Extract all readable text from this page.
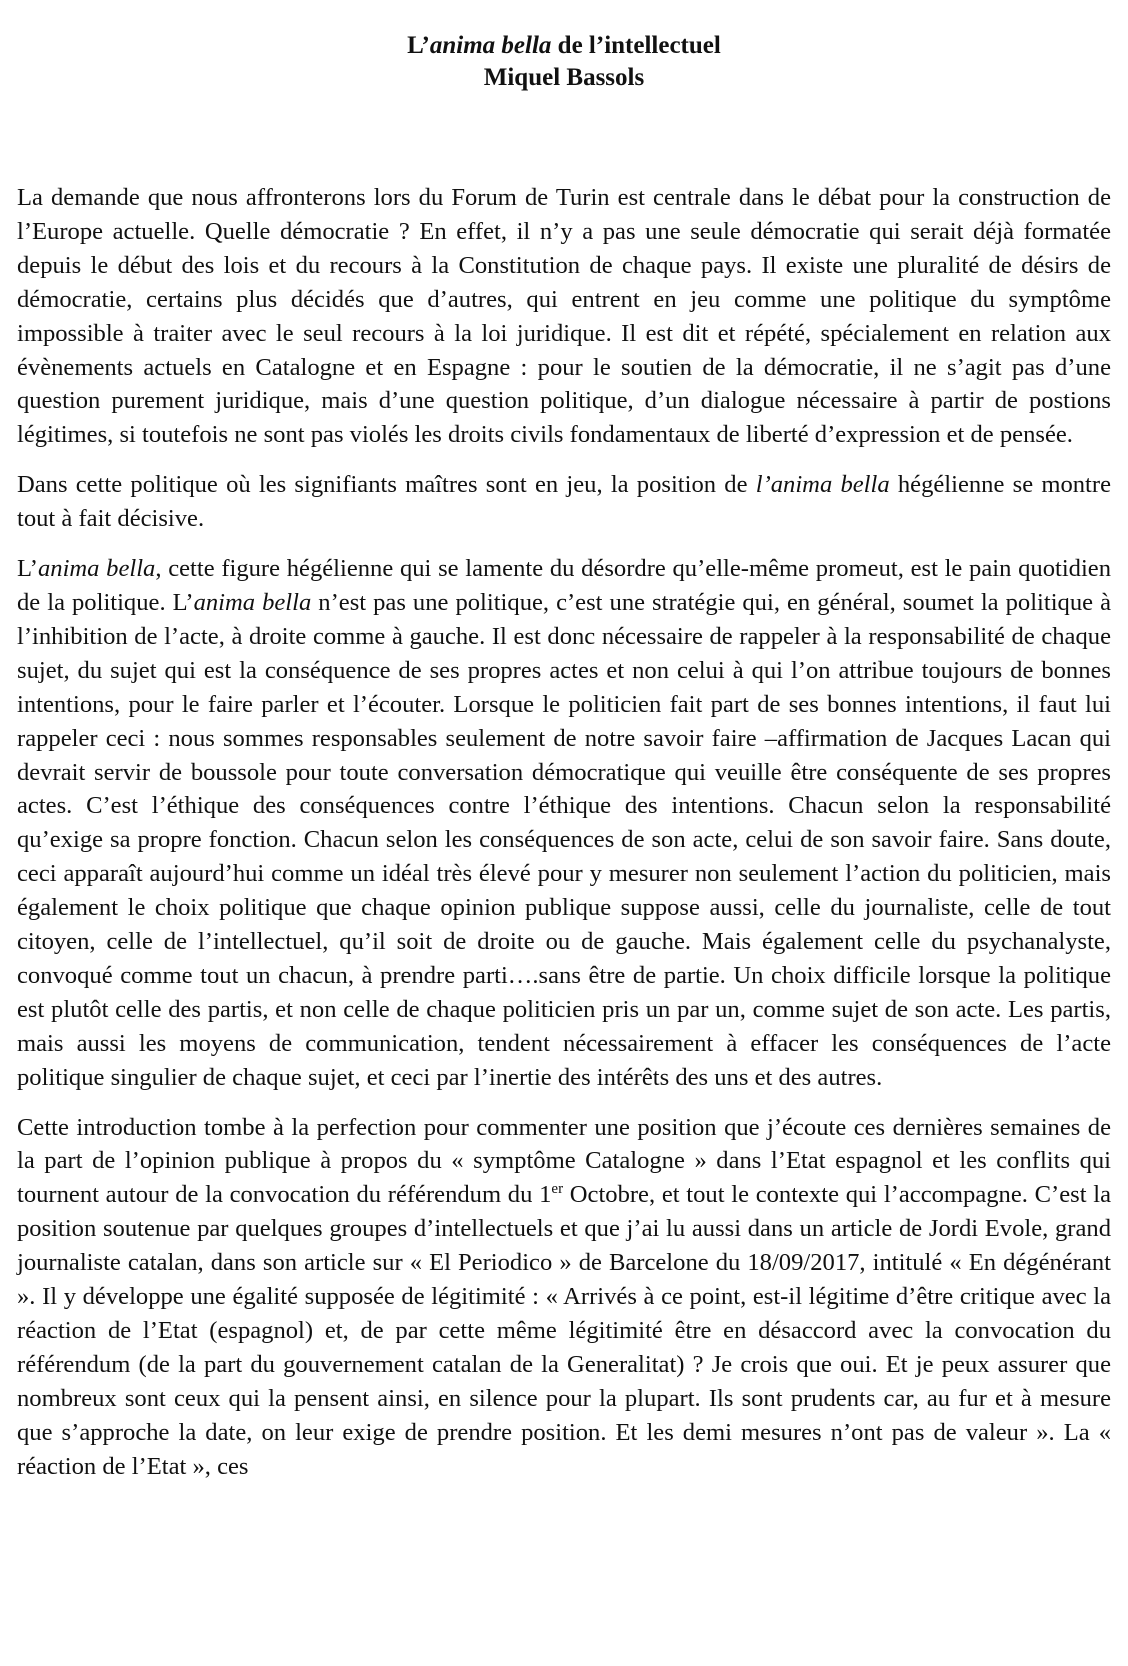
L’anima bella de l’intellectuel
Miquel Bassols

La demande que nous affronterons lors du Forum de Turin est centrale dans le débat pour la construction de l’Europe actuelle. Quelle démocratie ? En effet, il n’y a pas une seule démocratie qui serait déjà formatée depuis le début des lois et du recours à la Constitution de chaque pays. Il existe une pluralité de désirs de démocratie, certains plus décidés que d’autres, qui entrent en jeu comme une politique du symptôme impossible à traiter avec le seul recours à la loi juridique. Il est dit et répété, spécialement en relation aux évènements actuels en Catalogne et en Espagne : pour le soutien de la démocratie, il ne s’agit pas d’une question purement juridique, mais d’une question politique, d’un dialogue nécessaire à partir de postions légitimes, si toutefois ne sont pas violés les droits civils fondamentaux de liberté d’expression et de pensée.

Dans cette politique où les signifiants maîtres sont en jeu, la position de l’anima bella hégélienne se montre tout à fait décisive.

L’anima bella, cette figure hégélienne qui se lamente du désordre qu’elle-même promeut, est le pain quotidien de la politique. L’anima bella n’est pas une politique, c’est une stratégie qui, en général, soumet la politique à l’inhibition de l’acte, à droite comme à gauche. Il est donc nécessaire de rappeler à la responsabilité de chaque sujet, du sujet qui est la conséquence de ses propres actes et non celui à qui l’on attribue toujours de bonnes intentions, pour le faire parler et l’écouter. Lorsque le politicien fait part de ses bonnes intentions, il faut lui rappeler ceci : nous sommes responsables seulement de notre savoir faire –affirmation de Jacques Lacan qui devrait servir de boussole pour toute conversation démocratique qui veuille être conséquente de ses propres actes. C’est l’éthique des conséquences contre l’éthique des intentions. Chacun selon la responsabilité qu’exige sa propre fonction. Chacun selon les conséquences de son acte, celui de son savoir faire. Sans doute, ceci apparaît aujourd’hui comme un idéal très élevé pour y mesurer non seulement l’action du politicien, mais également le choix politique que chaque opinion publique suppose aussi, celle du journaliste, celle de tout citoyen, celle de l’intellectuel, qu’il soit de droite ou de gauche. Mais également celle du psychanalyste, convoqué comme tout un chacun, à prendre parti….sans être de partie. Un choix difficile lorsque la politique est plutôt celle des partis, et non celle de chaque politicien pris un par un, comme sujet de son acte. Les partis, mais aussi les moyens de communication, tendent nécessairement à effacer les conséquences de l’acte politique singulier de chaque sujet, et ceci par l’inertie des intérêts des uns et des autres.

Cette introduction tombe à la perfection pour commenter une position que j’écoute ces dernières semaines de la part de l’opinion publique à propos du « symptôme Catalogne » dans l’Etat espagnol et les conflits qui tournent autour de la convocation du référendum du 1er Octobre, et tout le contexte qui l’accompagne. C’est la position soutenue par quelques groupes d’intellectuels et que j’ai lu aussi dans un article de Jordi Evole, grand journaliste catalan, dans son article sur « El Periodico » de Barcelone du 18/09/2017, intitulé « En dégénérant ». Il y développe une égalité supposée de légitimité : « Arrivés à ce point, est-il légitime d’être critique avec la réaction de l’Etat (espagnol) et, de par cette même légitimité être en désaccord avec la convocation du référendum (de la part du gouvernement catalan de la Generalitat) ? Je crois que oui. Et je peux assurer que nombreux sont ceux qui la pensent ainsi, en silence pour la plupart. Ils sont prudents car, au fur et à mesure que s’approche la date, on leur exige de prendre position. Et les demi mesures n’ont pas de valeur ». La « réaction de l’Etat », ces
